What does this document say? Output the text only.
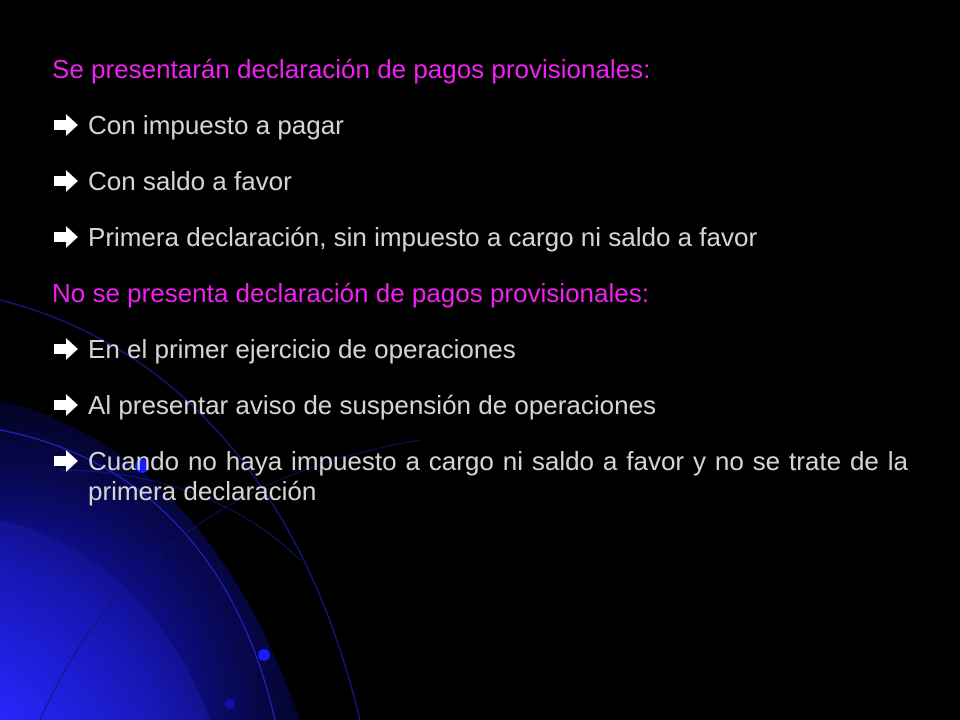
Se presentarán declaración de pagos provisionales:

Con impuesto a pagar
Con saldo a favor
Primera declaración, sin impuesto a cargo ni saldo a favor

No se presenta declaración de pagos provisionales:

En el primer ejercicio de operaciones
Al presentar aviso de suspensión de operaciones
Cuando no haya impuesto a cargo ni saldo a favor y no se trate de la primera declaración
